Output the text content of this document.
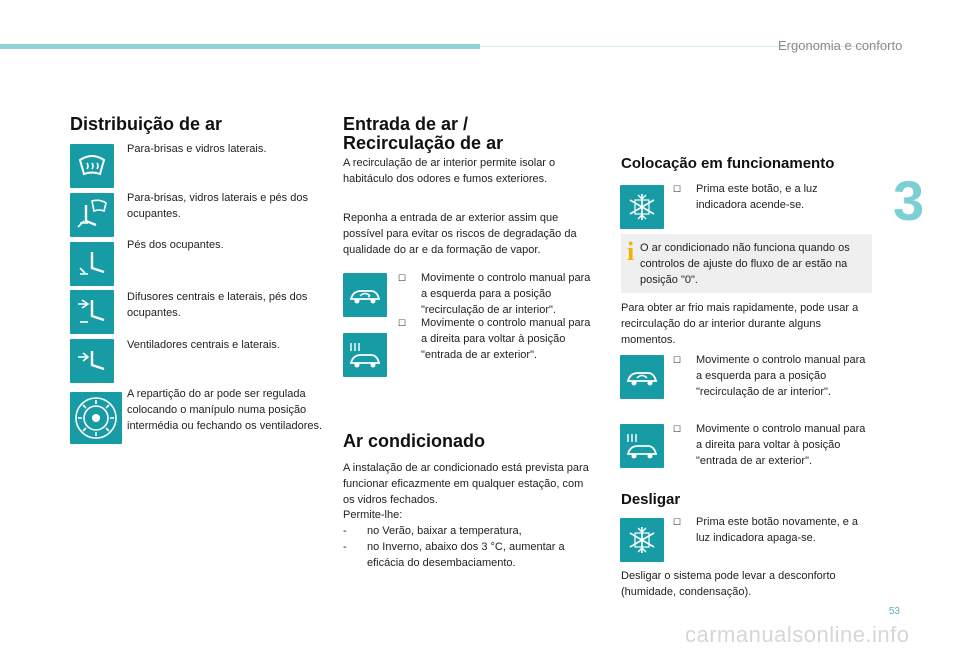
Ergonomia e conforto
3
Distribuição de ar

Para-brisas e vidros laterais.

Para-brisas, vidros laterais e pés dos ocupantes.

Pés dos ocupantes.

Difusores centrais e laterais, pés dos ocupantes.

Ventiladores centrais e laterais.

A repartição do ar pode ser regulada colocando o manípulo numa posição intermédia ou fechando os ventiladores.

Entrada de ar /
Recirculação de ar

A recirculação de ar interior permite isolar o habitáculo dos odores e fumos exteriores.

Reponha a entrada de ar exterior assim que possível para evitar os riscos de degradação da qualidade do ar e da formação de vapor.

☐ Movimente o controlo manual para a esquerda para a posição "recirculação de ar interior".
☐ Movimente o controlo manual para a direita para voltar à posição "entrada de ar exterior".
Ar condicionado

A instalação de ar condicionado está prevista para funcionar eficazmente em qualquer estação, com os vidros fechados.

Permite-lhe:

- no Verão, baixar a temperatura,

- no Inverno, abaixo dos 3 °C, aumentar a eficácia do desembaciamento.

Colocação em funcionamento
☐ Prima este botão, e a luz indicadora acende-se.
i O ar condicionado não funciona quando os controlos de ajuste do fluxo de ar estão na posição "0".

Para obter ar frio mais rapidamente, pode usar a recirculação do ar interior durante alguns momentos.

☐ Movimente o controlo manual para a esquerda para a posição "recirculação de ar interior".
☐ Movimente o controlo manual para a direita para voltar à posição "entrada de ar exterior".
Desligar
☐ Prima este botão novamente, e a luz indicadora apaga-se.

Desligar o sistema pode levar a desconforto (humidade, condensação).

53
carmanualsonline.info
